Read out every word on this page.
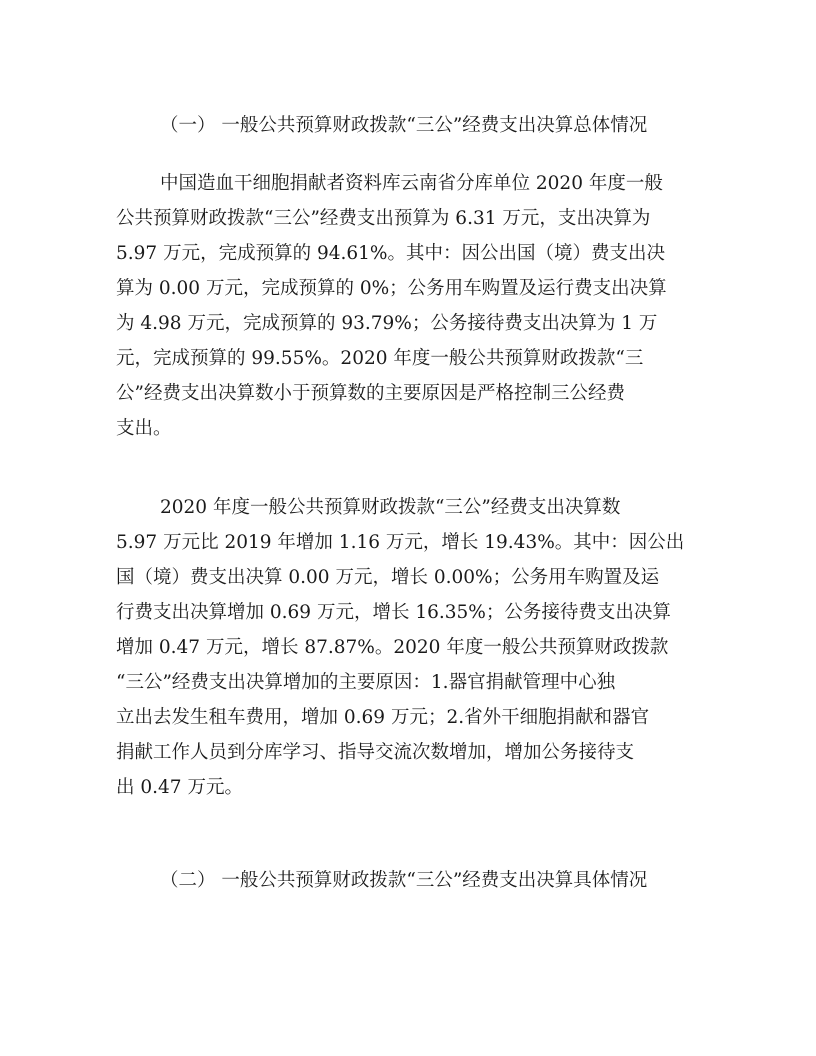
（一） 一般公共预算财政拨款“三公”经费支出决算总体情况
中国造血干细胞捐献者资料库云南省分库单位 2020 年度一般
公共预算财政拨款“三公”经费支出预算为 6.31 万元，支出决算为
5.97 万元，完成预算的 94.61%。其中：因公出国（境）费支出决
算为 0.00 万元，完成预算的 0%；公务用车购置及运行费支出决算
为 4.98 万元，完成预算的 93.79%；公务接待费支出决算为 1 万
元，完成预算的 99.55%。2020 年度一般公共预算财政拨款“三
公”经费支出决算数小于预算数的主要原因是严格控制三公经费
支出。
2020 年度一般公共预算财政拨款“三公”经费支出决算数
5.97 万元比 2019 年增加 1.16 万元，增长 19.43%。其中：因公出
国（境）费支出决算 0.00 万元，增长 0.00%；公务用车购置及运
行费支出决算增加 0.69 万元，增长 16.35%；公务接待费支出决算
增加 0.47 万元，增长 87.87%。2020 年度一般公共预算财政拨款
“三公”经费支出决算增加的主要原因：1.器官捐献管理中心独
立出去发生租车费用，增加 0.69 万元；2.省外干细胞捐献和器官
捐献工作人员到分库学习、指导交流次数增加，增加公务接待支
出 0.47 万元。
（二） 一般公共预算财政拨款“三公”经费支出决算具体情况
